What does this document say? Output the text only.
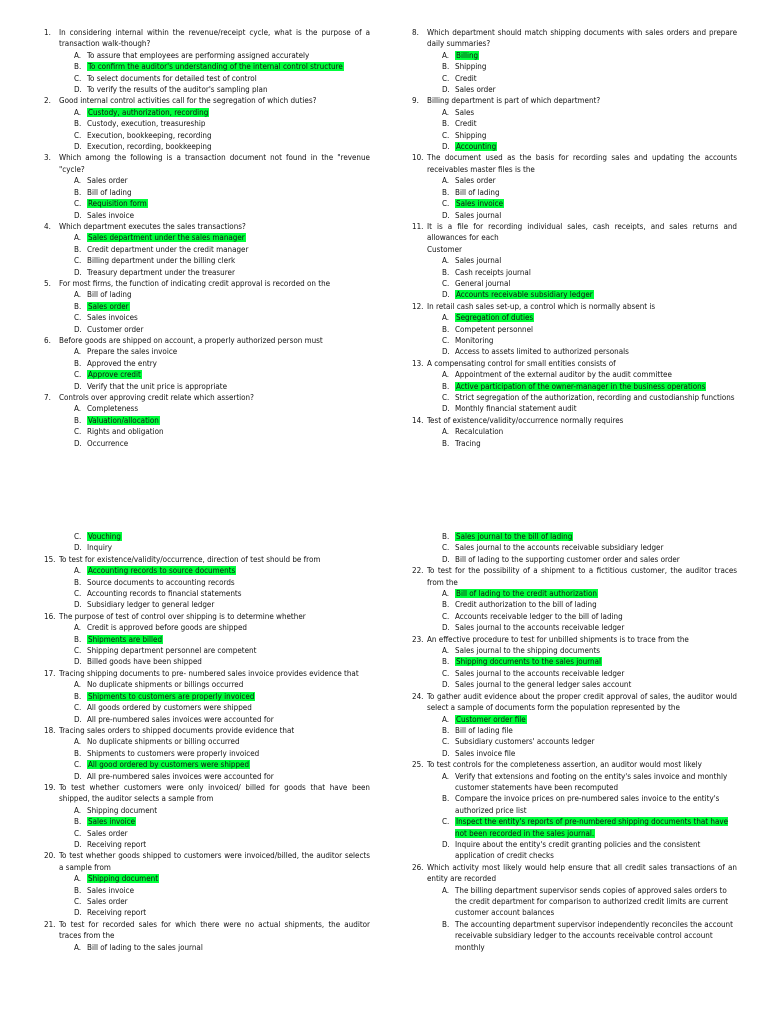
1.	In considering internal within the revenue/receipt cycle, what is the purpose of a transaction walk-though?
A. To assure that employees are performing assigned accurately
B. To confirm the auditor's understanding of the internal control structure
C. To select documents for detailed test of control
D. To verify the results of the auditor's sampling plan
2.	Good internal control activities call for the segregation of which duties?
A. Custody, authorization, recording
B. Custody, execution, treasureship
C. Execution, bookkeeping, recording
D. Execution, recording, bookkeeping
3.	Which among the following is a transaction document not found in the "revenue "cycle?
A. Sales order
B. Bill of lading
C. Requisition form
D. Sales invoice
4.	Which department executes the sales transactions?
A. Sales department under the sales manager
B. Credit department under the credit manager
C. Billing department under the billing clerk
D. Treasury department under the treasurer
5.	For most firms, the function of indicating credit approval is recorded on the
A. Bill of lading
B. Sales order
C. Sales invoices
D. Customer order
6.	Before goods are shipped on account, a properly authorized person must
A. Prepare the sales invoice
B. Approved the entry
C. Approve credit
D. Verify that the unit price is appropriate
7.	Controls over approving credit relate which assertion?
A. Completeness
B. Valuation/allocation
C. Rights and obligation
D. Occurrence
8.	Which department should match shipping documents with sales orders and prepare daily summaries?
A. Billing
B. Shipping
C. Credit
D. Sales order
9.	Billing department is part of which department?
A. Sales
B. Credit
C. Shipping
D. Accounting
10. The document used as the basis for recording sales and updating the accounts receivables master files is the
A. Sales order
B. Bill of lading
C. Sales invoice
D. Sales journal
11. It is a file for recording individual sales, cash receipts, and sales returns and allowances for each
Customer
A. Sales journal
B. Cash receipts journal
C. General journal
D. Accounts receivable subsidiary ledger
12. In retail cash sales set-up, a control which is normally absent is
A. Segregation of duties
B. Competent personnel
C. Monitoring
D. Access to assets limited to authorized personals
13. A compensating control for small entities consists of
A. Appointment of the external auditor by the audit committee
B. Active participation of the owner-manager in the business operations
C. Strict segregation of the authorization, recording and custodianship functions
D. Monthly financial statement audit
14. Test of existence/validity/occurrence normally requires
A. Recalculation
B. Tracing
C. Vouching
D. Inquiry
15. To test for existence/validity/occurrence, direction of test should be from
A. Accounting records to source documents
B. Source documents to accounting records
C. Accounting records to financial statements
D. Subsidiary ledger to general ledger
16. The purpose of test of control over shipping is to determine whether
A. Credit is approved before goods are shipped
B. Shipments are billed
C. Shipping department personnel are competent
D. Billed goods have been shipped
17. Tracing shipping documents to pre- numbered sales invoice provides evidence that
A. No duplicate shipments or billings occurred
B. Shipments to customers are properly invoiced
C. All goods ordered by customers were shipped
D. All pre-numbered sales invoices were accounted for
18. Tracing sales orders to shipped documents provide evidence that
A. No duplicate shipments or billing occurred
B. Shipments to customers were properly invoiced
C. All good ordered by customers were shipped
D. All pre-numbered sales invoices were accounted for
19. To test whether customers were only invoiced/ billed for goods that have been shipped, the auditor selects a sample from
A. Shipping document
B. Sales invoice
C. Sales order
D. Receiving report
20. To test whether goods shipped to customers were invoiced/billed, the auditor selects a sample from
A. Shipping document
B. Sales invoice
C. Sales order
D. Receiving report
21. To test for recorded sales for which there were no actual shipments, the auditor traces from the
A. Bill of lading to the sales journal
B. Sales journal to the bill of lading
C. Sales journal to the accounts receivable subsidiary ledger
D. Bill of lading to the supporting customer order and sales order
22. To test for the possibility of a shipment to a fictitious customer, the auditor traces from the
A. Bill of lading to the credit authorization
B. Credit authorization to the bill of lading
C. Accounts receivable ledger to the bill of lading
D. Sales journal to the accounts receivable ledger
23. An effective procedure to test for unbilled shipments is to trace from the
A. Sales journal to the shipping documents
B. Shipping documents to the sales journal
C. Sales journal to the accounts receivable ledger
D. Sales journal to the general ledger sales account
24. To gather audit evidence about the proper credit approval of sales, the auditor would select a sample of documents form the population represented by the
A. Customer order file
B. Bill of lading file
C. Subsidiary customers' accounts ledger
D. Sales invoice file
25. To test controls for the completeness assertion, an auditor would most likely
A. Verify that extensions and footing on the entity's sales invoice and monthly customer statements have been recomputed
B. Compare the invoice prices on pre-numbered sales invoice to the entity's authorized price list
C. Inspect the entity's reports of pre-numbered shipping documents that have not been recorded in the sales journal.
D. Inquire about the entity's credit granting policies and the consistent application of credit checks
26. Which activity most likely would help ensure that all credit sales transactions of an entity are recorded
A. The billing department supervisor sends copies of approved sales orders to the credit department for comparison to authorized credit limits are current customer account balances
B. The accounting department supervisor independently reconciles the account receivable subsidiary ledger to the accounts receivable control account monthly
